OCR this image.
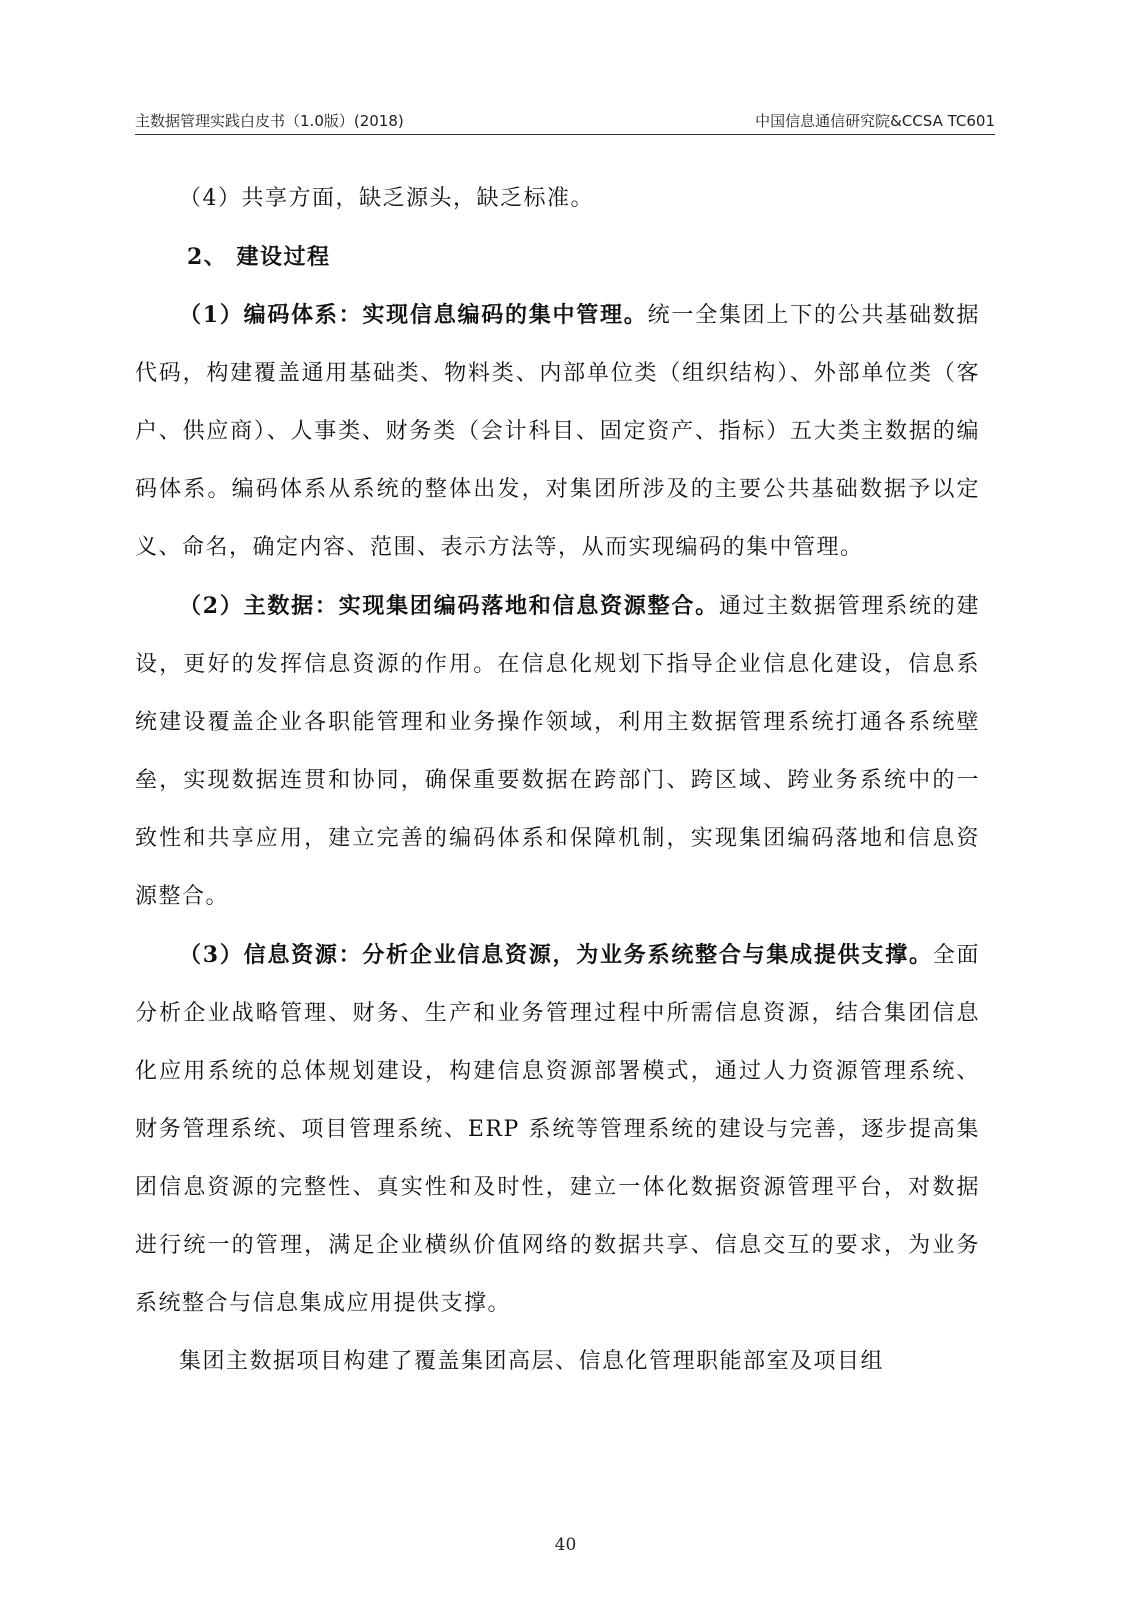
主数据管理实践白皮书（1.0版）(2018)	中国信息通信研究院&CCSA TC601

（4）共享方面，缺乏源头，缺乏标准。

2、 建设过程

（1）编码体系：实现信息编码的集中管理。统一全集团上下的公共基础数据代码，构建覆盖通用基础类、物料类、内部单位类（组织结构）、外部单位类（客户、供应商）、人事类、财务类（会计科目、固定资产、指标）五大类主数据的编码体系。编码体系从系统的整体出发，对集团所涉及的主要公共基础数据予以定义、命名，确定内容、范围、表示方法等，从而实现编码的集中管理。

（2）主数据：实现集团编码落地和信息资源整合。通过主数据管理系统的建设，更好的发挥信息资源的作用。在信息化规划下指导企业信息化建设，信息系统建设覆盖企业各职能管理和业务操作领域，利用主数据管理系统打通各系统壁垒，实现数据连贯和协同，确保重要数据在跨部门、跨区域、跨业务系统中的一致性和共享应用，建立完善的编码体系和保障机制，实现集团编码落地和信息资源整合。

（3）信息资源：分析企业信息资源，为业务系统整合与集成提供支撑。全面分析企业战略管理、财务、生产和业务管理过程中所需信息资源，结合集团信息化应用系统的总体规划建设，构建信息资源部署模式，通过人力资源管理系统、财务管理系统、项目管理系统、ERP 系统等管理系统的建设与完善，逐步提高集团信息资源的完整性、真实性和及时性，建立一体化数据资源管理平台，对数据进行统一的管理，满足企业横纵价值网络的数据共享、信息交互的要求，为业务系统整合与信息集成应用提供支撑。

集团主数据项目构建了覆盖集团高层、信息化管理职能部室及项目组

40
